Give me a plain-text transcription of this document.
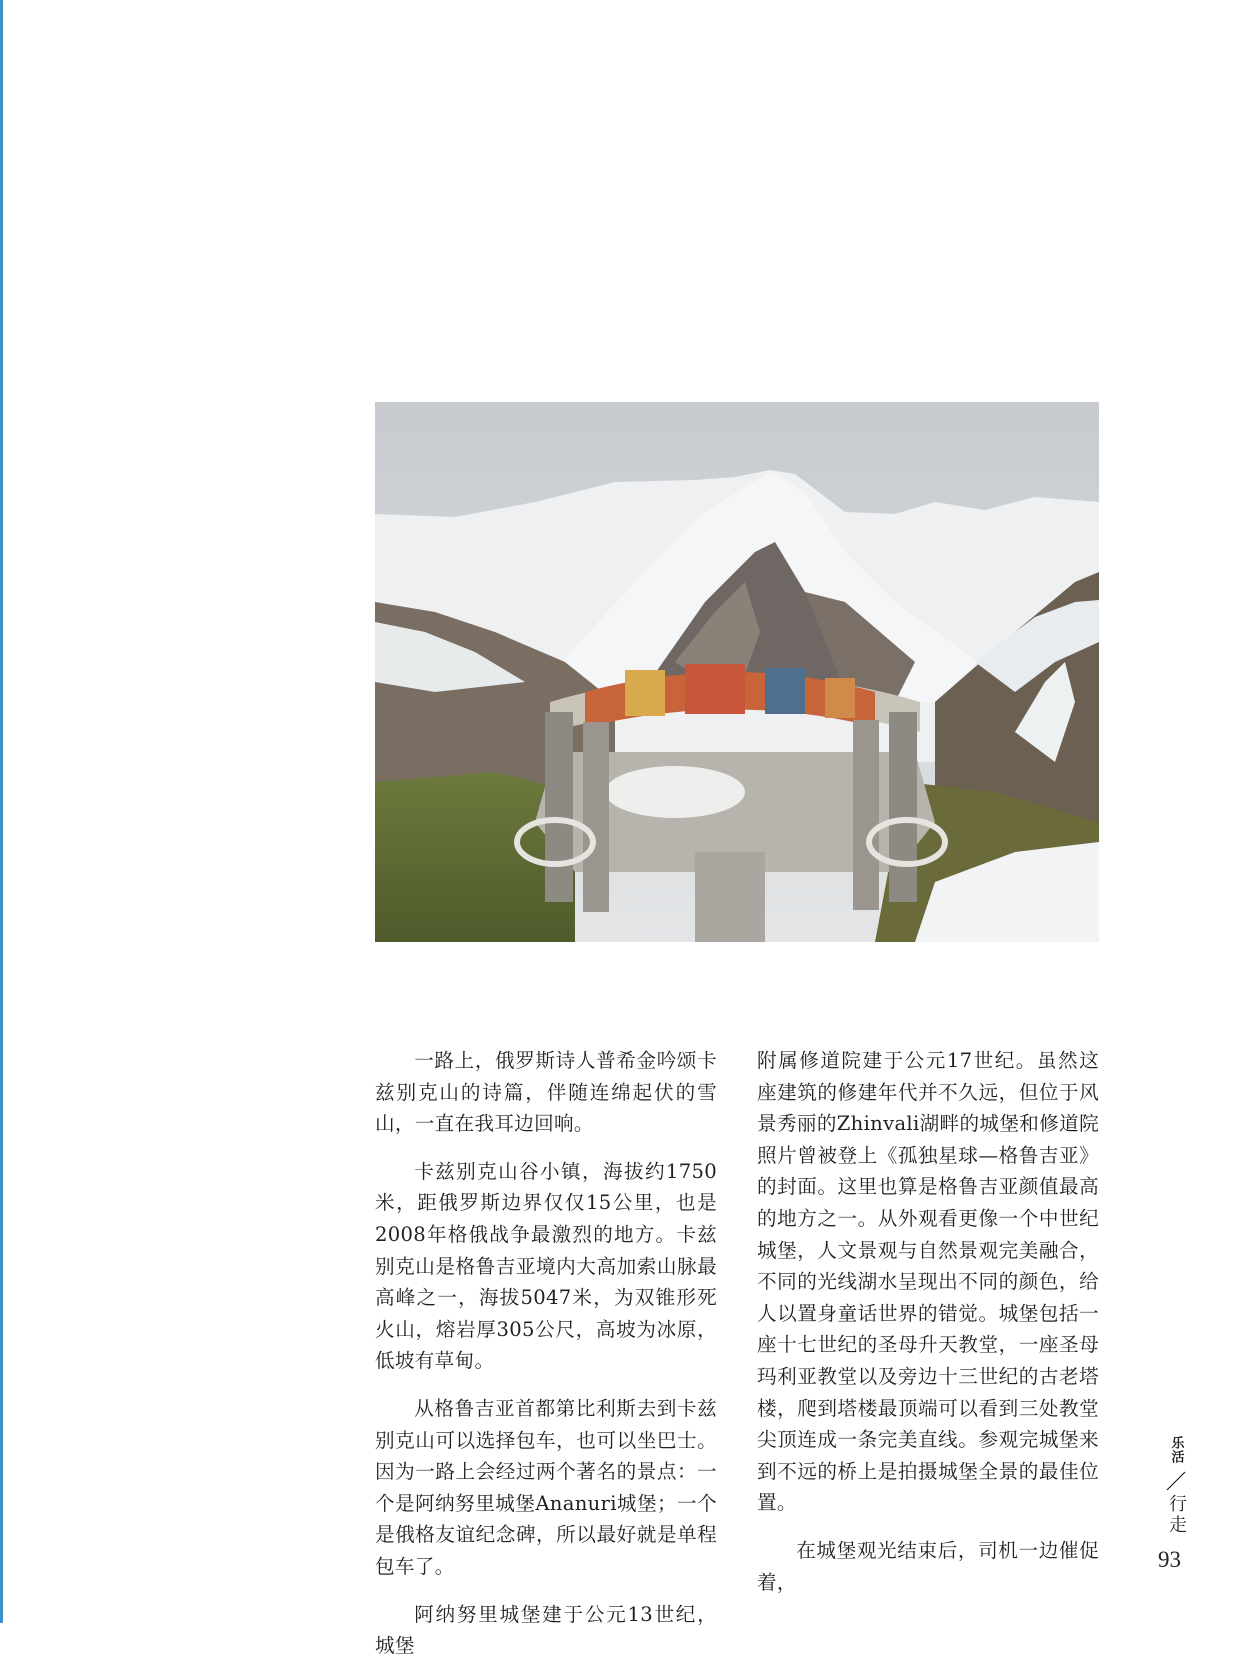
一路上，俄罗斯诗人普希金吟颂卡兹别克山的诗篇，伴随连绵起伏的雪山，一直在我耳边回响。

卡兹别克山谷小镇，海拔约1750米，距俄罗斯边界仅仅15公里，也是2008年格俄战争最激烈的地方。卡兹别克山是格鲁吉亚境内大高加索山脉最高峰之一，海拔5047米，为双锥形死火山，熔岩厚305公尺，高坡为冰原，低坡有草甸。

从格鲁吉亚首都第比利斯去到卡兹别克山可以选择包车，也可以坐巴士。因为一路上会经过两个著名的景点：一个是阿纳努里城堡Ananuri城堡；一个是俄格友谊纪念碑，所以最好就是单程包车了。

阿纳努里城堡建于公元13世纪，城堡

附属修道院建于公元17世纪。虽然这座建筑的修建年代并不久远，但位于风景秀丽的Zhinvali湖畔的城堡和修道院照片曾被登上《孤独星球—格鲁吉亚》的封面。这里也算是格鲁吉亚颜值最高的地方之一。从外观看更像一个中世纪城堡，人文景观与自然景观完美融合，不同的光线湖水呈现出不同的颜色，给人以置身童话世界的错觉。城堡包括一座十七世纪的圣母升天教堂，一座圣母玛利亚教堂以及旁边十三世纪的古老塔楼，爬到塔楼最顶端可以看到三处教堂尖顶连成一条完美直线。参观完城堡来到不远的桥上是拍摄城堡全景的最佳位置。

在城堡观光结束后，司机一边催促着，

乐活
行走
93
